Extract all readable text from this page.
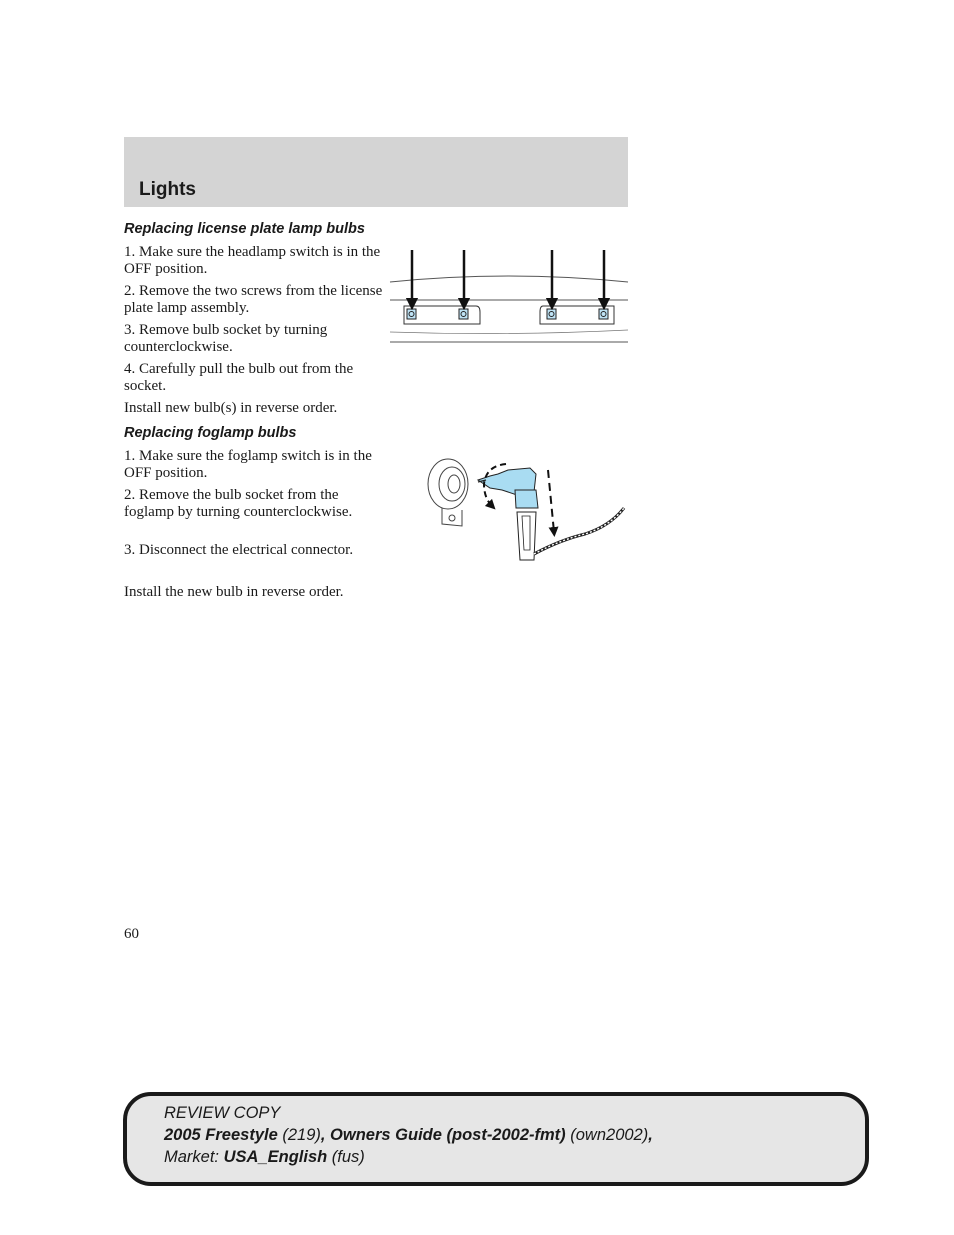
Lights
Replacing license plate lamp bulbs
1. Make sure the headlamp switch is in the OFF position.
2. Remove the two screws from the license plate lamp assembly.
3. Remove bulb socket by turning counterclockwise.
4. Carefully pull the bulb out from the socket.
Install new bulb(s) in reverse order.
Replacing foglamp bulbs
1. Make sure the foglamp switch is in the OFF position.
2. Remove the bulb socket from the foglamp by turning counterclockwise.
3. Disconnect the electrical connector.
Install the new bulb in reverse order.
60
REVIEW COPY
2005 Freestyle (219), Owners Guide (post-2002-fmt) (own2002),
Market: USA_English (fus)
